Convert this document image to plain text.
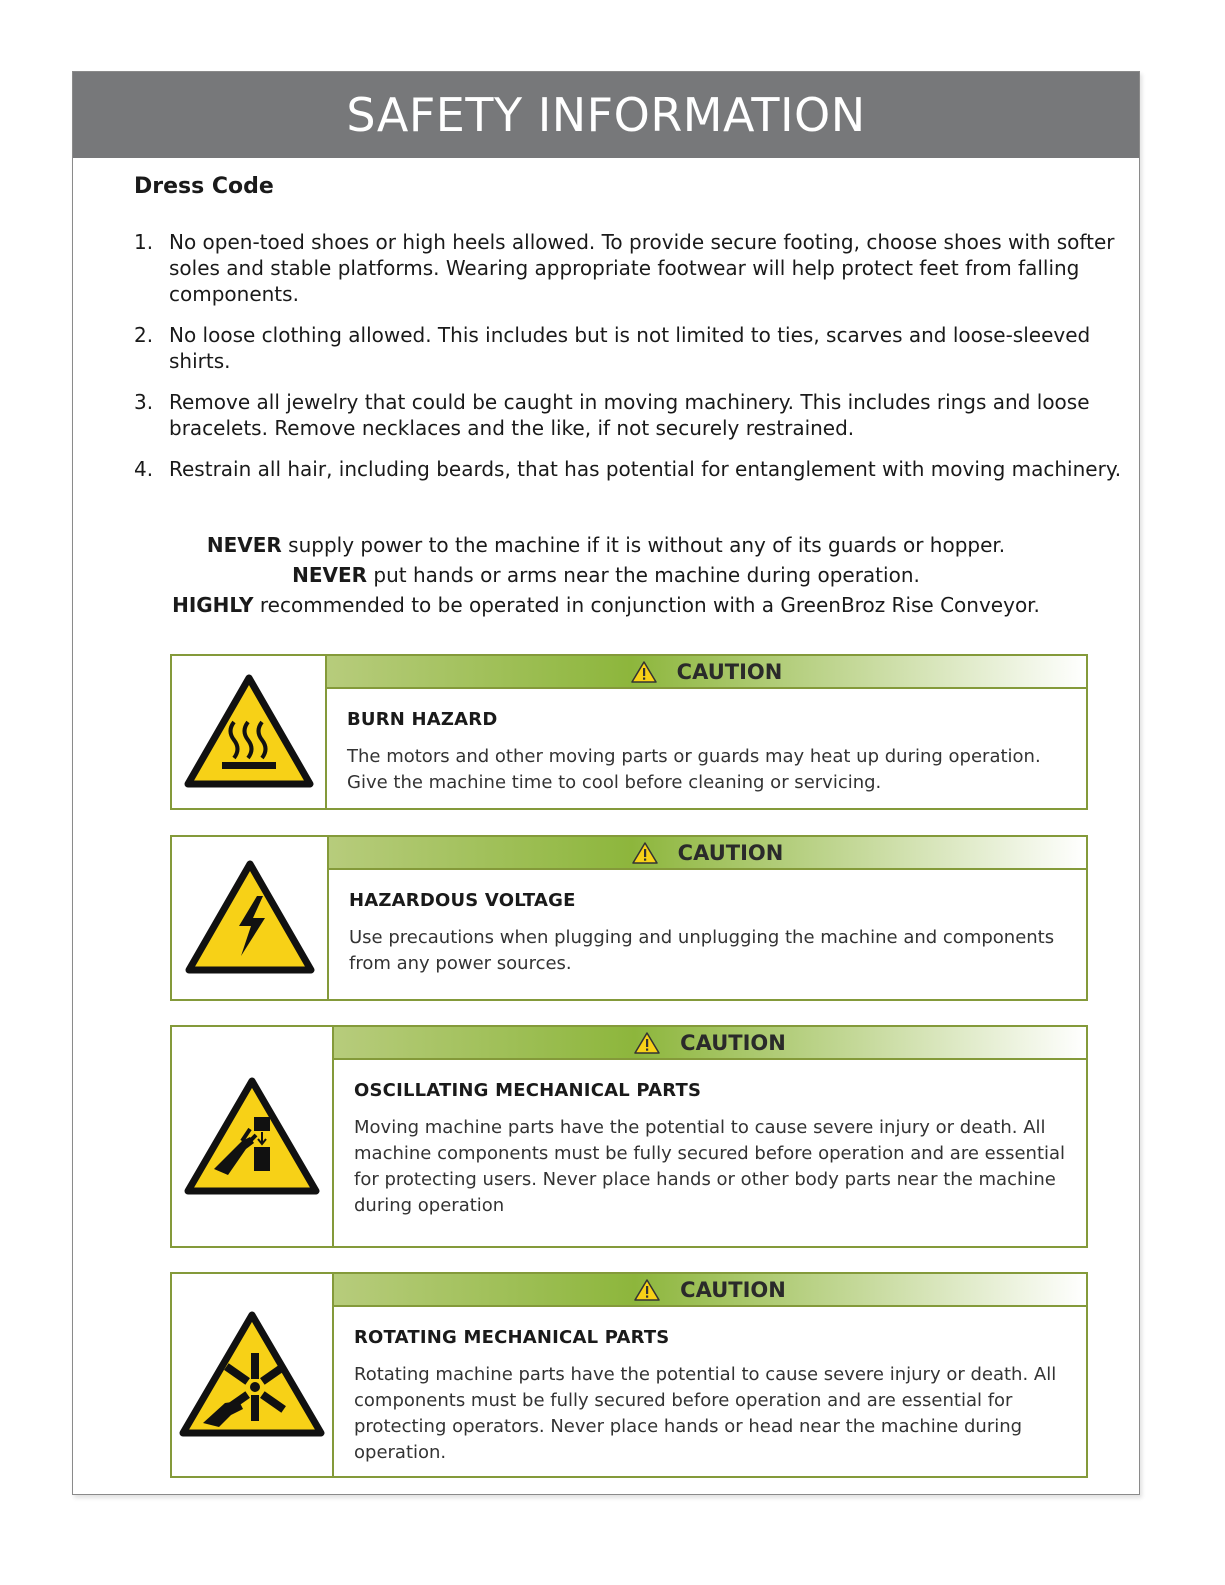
SAFETY INFORMATION
Dress Code
1. No open-toed shoes or high heels allowed. To provide secure footing, choose shoes with softer soles and stable platforms. Wearing appropriate footwear will help protect feet from falling components.
2. No loose clothing allowed. This includes but is not limited to ties, scarves and loose-sleeved shirts.
3. Remove all jewelry that could be caught in moving machinery. This includes rings and loose bracelets. Remove necklaces and the like, if not securely restrained.
4. Restrain all hair, including beards, that has potential for entanglement with moving machinery.
NEVER supply power to the machine if it is without any of its guards or hopper.
NEVER put hands or arms near the machine during operation.
HIGHLY recommended to be operated in conjunction with a GreenBroz Rise Conveyor.
CAUTION
BURN HAZARD
The motors and other moving parts or guards may heat up during operation. Give the machine time to cool before cleaning or servicing.
CAUTION
HAZARDOUS VOLTAGE
Use precautions when plugging and unplugging the machine and components from any power sources.
CAUTION
OSCILLATING MECHANICAL PARTS
Moving machine parts have the potential to cause severe injury or death. All machine components must be fully secured before operation and are essential for protecting users. Never place hands or other body parts near the machine during operation
CAUTION
ROTATING MECHANICAL PARTS
Rotating machine parts have the potential to cause severe injury or death. All components must be fully secured before operation and are essential for protecting operators. Never place hands or head near the machine during operation.
